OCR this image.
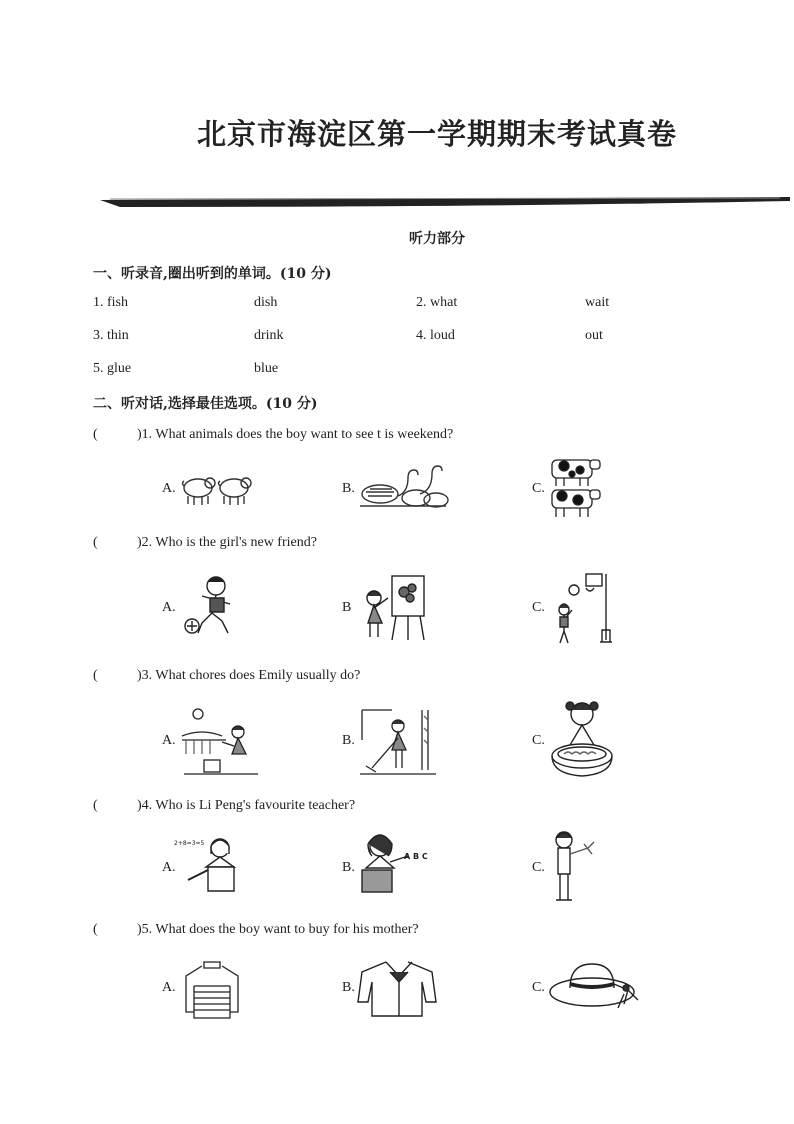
北京市海淀区第一学期期末考试真卷
听力部分
一、听录音,圈出听到的单词。(10 分)
1. fish	dish	2. what	wait
3. thin	drink	4. loud	out
5. glue	blue
二、听对话,选择最佳选项。(10 分)
(	)1. What animals does the boy want to see t is weekend?
A.	B.	C.
(	)2. Who is the girl's new friend?
A.	B	C.
(	)3. What chores does Emily usually do?
A.	B.	C.
(	)4. Who is Li Peng's favourite teacher?
A.	B.	C.
2+8=3=5
A B C
(	)5. What does the boy want to buy for his mother?
A.	B.	C.
